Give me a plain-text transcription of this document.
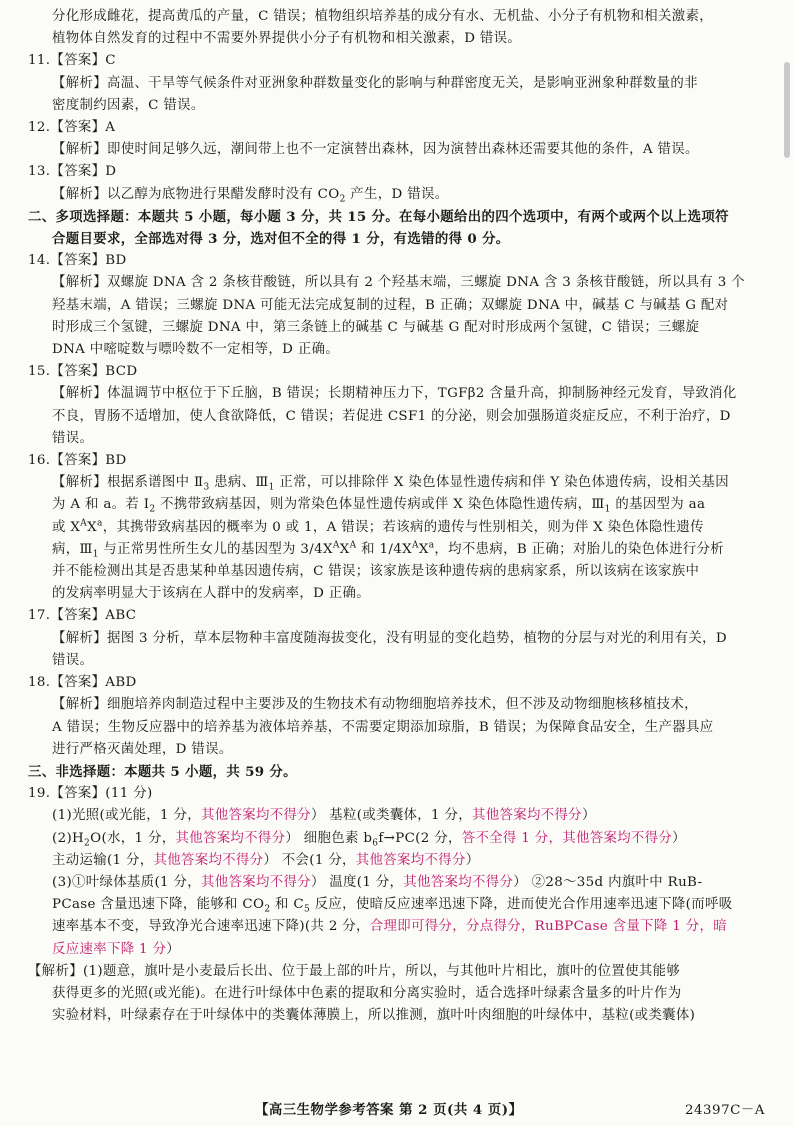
分化形成雌花，提高黄瓜的产量，C 错误；植物组织培养基的成分有水、无机盐、小分子有机物和相关激素，
植物体自然发育的过程中不需要外界提供小分子有机物和相关激素，D 错误。
11.【答案】C
【解析】高温、干旱等气候条件对亚洲象种群数量变化的影响与种群密度无关，是影响亚洲象种群数量的非
密度制约因素，C 错误。
12.【答案】A
【解析】即使时间足够久远，潮间带上也不一定演替出森林，因为演替出森林还需要其他的条件，A 错误。
13.【答案】D
【解析】以乙醇为底物进行果醋发酵时没有 $CO_2$ 产生，D 错误。
二、多项选择题：本题共 5 小题，每小题 3 分，共 15 分。在每小题给出的四个选项中，有两个或两个以上选项符
合题目要求，全部选对得 3 分，选对但不全的得 1 分，有选错的得 0 分。
14.【答案】BD
【解析】双螺旋 DNA 含 2 条核苷酸链，所以具有 2 个羟基末端，三螺旋 DNA 含 3 条核苷酸链，所以具有 3 个
羟基末端，A 错误；三螺旋 DNA 可能无法完成复制的过程，B 正确；双螺旋 DNA 中，碱基 C 与碱基 G 配对
时形成三个氢键，三螺旋 DNA 中，第三条链上的碱基 C 与碱基 G 配对时形成两个氢键，C 错误；三螺旋
DNA 中嘧啶数与嘌呤数不一定相等，D 正确。
15.【答案】BCD
【解析】体温调节中枢位于下丘脑，B 错误；长期精神压力下，TGFβ2 含量升高，抑制肠神经元发育，导致消化
不良，胃肠不适增加，使人食欲降低，C 错误；若促进 CSF1 的分泌，则会加强肠道炎症反应，不利于治疗，D
错误。
16.【答案】BD
【解析】根据系谱图中 $Ⅱ_3$ 患病、$Ⅲ_1$ 正常，可以排除伴 X 染色体显性遗传病和伴 Y 染色体遗传病，设相关基因
为 A 和 a。若 $Ⅰ_2$ 不携带致病基因，则为常染色体显性遗传病或伴 X 染色体隐性遗传病，$Ⅲ_1$ 的基因型为 aa
或 $X^AX^a$，其携带致病基因的概率为 0 或 1，A 错误；若该病的遗传与性别相关，则为伴 X 染色体隐性遗传
病，$Ⅲ_1$ 与正常男性所生女儿的基因型为 $3/4X^AX^A$ 和 $1/4X^AX^a$，均不患病，B 正确；对胎儿的染色体进行分析
并不能检测出其是否患某种单基因遗传病，C 错误；该家族是该种遗传病的患病家系，所以该病在该家族中
的发病率明显大于该病在人群中的发病率，D 正确。
17.【答案】ABC
【解析】据图 3 分析，草本层物种丰富度随海拔变化，没有明显的变化趋势，植物的分层与对光的利用有关，D
错误。
18.【答案】ABD
【解析】细胞培养肉制造过程中主要涉及的生物技术有动物细胞培养技术，但不涉及动物细胞核移植技术，
A 错误；生物反应器中的培养基为液体培养基，不需要定期添加琼脂，B 错误；为保障食品安全，生产器具应
进行严格灭菌处理，D 错误。
三、非选择题：本题共 5 小题，共 59 分。
19.【答案】(11 分)
(1)光照(或光能，1 分，其他答案均不得分） 基粒(或类囊体，1 分，其他答案均不得分）
$(2)H_2O$(水，1 分，其他答案均不得分） 细胞色素 $b_6f\to PC(2$ 分，答不全得 1 分，其他答案均不得分）
主动运输(1 分，其他答案均不得分） 不会(1 分，其他答案均不得分）
(3)①叶绿体基质(1 分，其他答案均不得分） 温度(1 分，其他答案均不得分） ②28～35d 内旗叶中 RuB-
PCase 含量迅速下降，能够和 $CO_2$ 和 $C_5$ 反应，使暗反应速率迅速下降，进而使光合作用速率迅速下降(而呼吸
速率基本不变，导致净光合速率迅速下降)(共 2 分，合理即可得分，分点得分，RuBPCase 含量下降 1 分，暗
反应速率下降 1 分）
【解析】(1)题意，旗叶是小麦最后长出、位于最上部的叶片，所以，与其他叶片相比，旗叶的位置使其能够
获得更多的光照(或光能)。在进行叶绿体中色素的提取和分离实验时，适合选择叶绿素含量多的叶片作为
实验材料，叶绿素存在于叶绿体中的类囊体薄膜上，所以推测，旗叶叶肉细胞的叶绿体中，基粒(或类囊体)
【高三生物学参考答案 第 2 页(共 4 页)】	24397C－A
